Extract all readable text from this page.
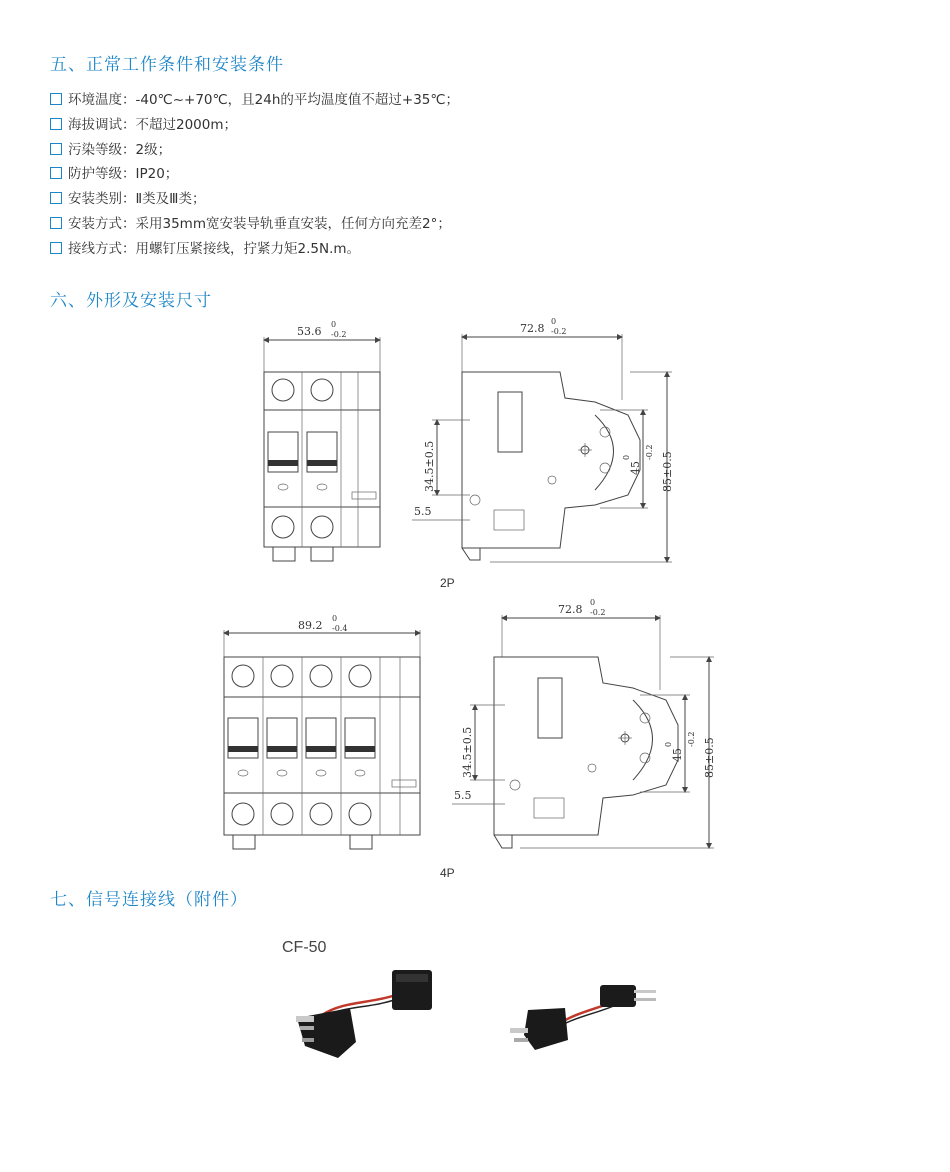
五、正常工作条件和安装条件
六、外形及安装尺寸
七、信号连接线（附件）
环境温度：-40℃~+70℃，且24h的平均温度值不超过+35℃；
海拔调试：不超过2000m；
污染等级：2级；
防护等级：IP20；
安装类别：Ⅱ类及Ⅲ类；
安装方式：采用35mm宽安装导轨垂直安装，任何方向充差2°；
接线方式：用螺钉压紧接线，拧紧力矩2.5N.m。
53.6
0
-0.2
2P
72.8
0
-0.2
34.5±0.5
5.5
45
0 -0.2 85±0.5
89.2
0
-0.4
4P
72.8
0
-0.2
34.5±0.5
5.5
45
0 -0.2 85±0.5
CF-50
